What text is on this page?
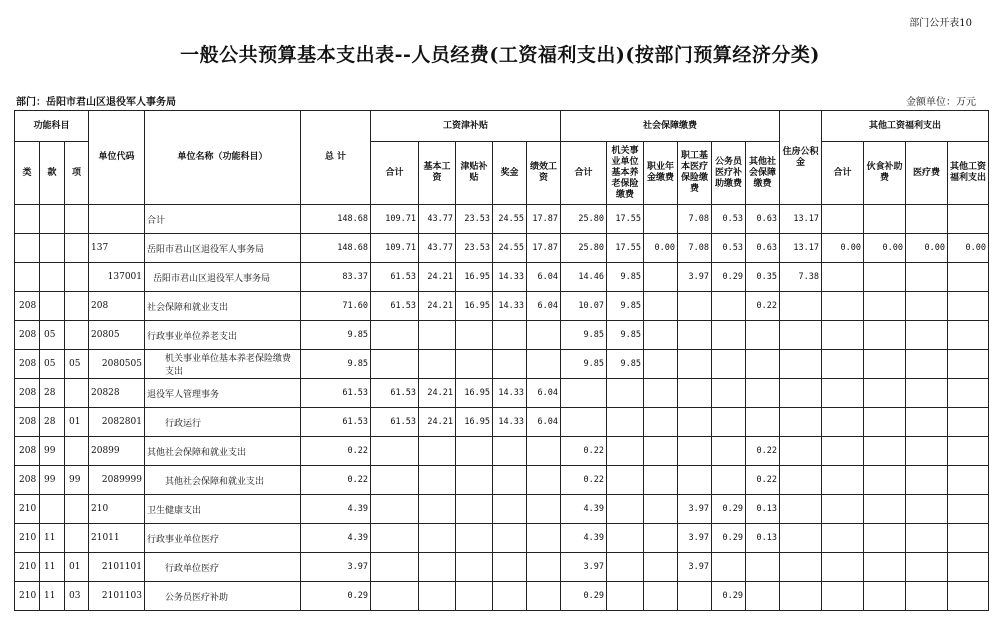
部门公开表10
一般公共预算基本支出表--人员经费(工资福利支出)(按部门预算经济分类)
部门：岳阳市君山区退役军人事务局	金额单位：万元
功能科目			单位代码	单位名称（功能科目）	总 计	工资津补贴					社会保障缴费						住房公积金	其他工资福利支出			
类	款	项				合计	基本工资	津贴补贴	奖金	绩效工资	合计	机关事业单位基本养老保险缴费	职业年金缴费	职工基本医疗保险缴费	公务员医疗补助缴费	其他社会保障缴费		合计	伙食补助费	医疗费	其他工资福利支出
				合计	148.68	109.71	43.77	23.53	24.55	17.87	25.80	17.55		7.08	0.53	0.63	13.17				
			137	岳阳市君山区退役军人事务局	148.68	109.71	43.77	23.53	24.55	17.87	25.80	17.55	0.00	7.08	0.53	0.63	13.17	0.00	0.00	0.00	0.00
			137001	岳阳市君山区退役军人事务局	83.37	61.53	24.21	16.95	14.33	6.04	14.46	9.85		3.97	0.29	0.35	7.38				
208			208	社会保障和就业支出	71.60	61.53	24.21	16.95	14.33	6.04	10.07	9.85				0.22					
208	05		20805	行政事业单位养老支出	9.85						9.85	9.85									
208	05	05	2080505	机关事业单位基本养老保险缴费支出	9.85						9.85	9.85									
208	28		20828	退役军人管理事务	61.53	61.53	24.21	16.95	14.33	6.04											
208	28	01	2082801	行政运行	61.53	61.53	24.21	16.95	14.33	6.04											
208	99		20899	其他社会保障和就业支出	0.22						0.22					0.22					
208	99	99	2089999	其他社会保障和就业支出	0.22						0.22					0.22					
210			210	卫生健康支出	4.39						4.39			3.97	0.29	0.13					
210	11		21011	行政事业单位医疗	4.39						4.39			3.97	0.29	0.13					
210	11	01	2101101	行政单位医疗	3.97						3.97			3.97							
210	11	03	2101103	公务员医疗补助	0.29						0.29				0.29						
